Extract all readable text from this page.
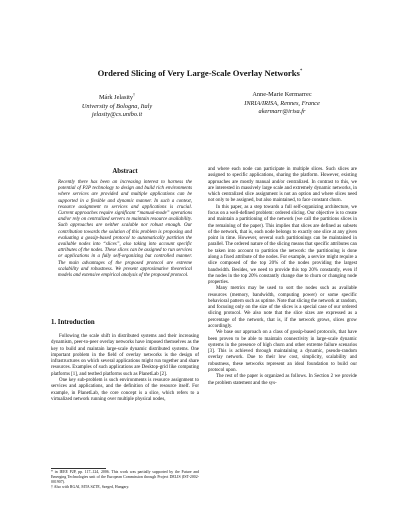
Ordered Slicing of Very Large-Scale Overlay Networks*
Márk Jelasity†
University of Bologna, Italy
jelasity@cs.unibo.it
Anne-Marie Kermarrec
INRIA/IRISA, Rennes, France
akermarr@irisa.fr
Abstract
Recently there has been an increasing interest to harness the potential of P2P technology to design and build rich environments where services are provided and multiple applications can be supported in a flexible and dynamic manner. In such a context, resource assignment to services and applications is crucial. Current approaches require significant “manual-mode” operations and/or rely on centralized servers to maintain resource availability. Such approaches are neither scalable nor robust enough. Our contribution towards the solution of this problem is proposing and evaluating a gossip-based protocol to automatically partition the available nodes into “slices”, also taking into account specific attributes of the nodes. These slices can be assigned to run services or applications in a fully self-organizing but controlled manner. The main advantages of the proposed protocol are extreme scalability and robustness. We present approximative theoretical models and extensive empirical analysis of the proposed protocol.
1. Introduction

Following the scale shift in distributed systems and their increasing dynamism, peer-to-peer overlay networks have imposed themselves as the key to build and maintain large-scale dynamic distributed systems. One important problem in the field of overlay networks is the design of infrastructures on which several applications might run together and share resources. Examples of such applications are Desktop-grid like computing platforms [1], and testbed platforms such as PlanetLab [2].

One key sub-problem is such environments is resource assignment to services and applications, and the definition of the resource itself. For example, in PlanetLab, the core concept is a slice, which refers to a virtualized network running over multiple physical nodes,

* in IEEE P2P, pp. 117–124, 2006. This work was partially supported by the Future and Emerging Technologies unit of the European Commission through Project DELIS (IST-2002-001907).

† Also with RGAI, MTA SZTE, Szeged, Hungary.

and where each node can participate in multiple slices. Such slices are assigned to specific applications, sharing the platform. However, existing approaches are mostly manual and/or centralized. In contrast to this, we are interested in massively large scale and extremely dynamic networks, in which centralized slice assignment is not an option and where slices need not only to be assigned, but also maintained, to face constant churn.

In this paper, as a step towards a full self-organizing architecture, we focus on a well-defined problem: ordered slicing. Our objective is to create and maintain a partitioning of the network (we call the partitions slices in the remaining of the paper). This implies that slices are defined as subsets of the network, that is, each node belongs to exactly one slice at any given point in time. However, several such partitionings can be maintained in parallel. The ordered nature of the slicing means that specific attributes can be taken into account to partition the network: the partitioning is done along a fixed attribute of the nodes. For example, a service might require a slice composed of the top 20% of the nodes providing the largest bandwidth. Besides, we need to provide this top 20% constantly, even if the nodes in the top 20% constantly change due to churn or changing node properties.

Many metrics may be used to sort the nodes such as available resources (memory, bandwidth, computing power) or some specific behavioral pattern such as uptime. Note that slicing the network at random, and focusing only on the size of the slices is a special case of our ordered slicing protocol. We also note that the slice sizes are expressed as a percentage of the network, that is, if the network grows, slices grow accordingly.

We base our approach on a class of gossip-based protocols, that have been proven to be able to maintain connectivity in large-scale dynamic systems in the presence of high churn and other extreme failure scenarios [3]. This is achieved through maintaining a dynamic, pseudo-random overlay network. Due to their low cost, simplicity, scalability and robustness, these networks represent an ideal foundation to build our protocol upon.

The rest of the paper is organized as follows. In Section 2 we provide the problem statement and the sys-
